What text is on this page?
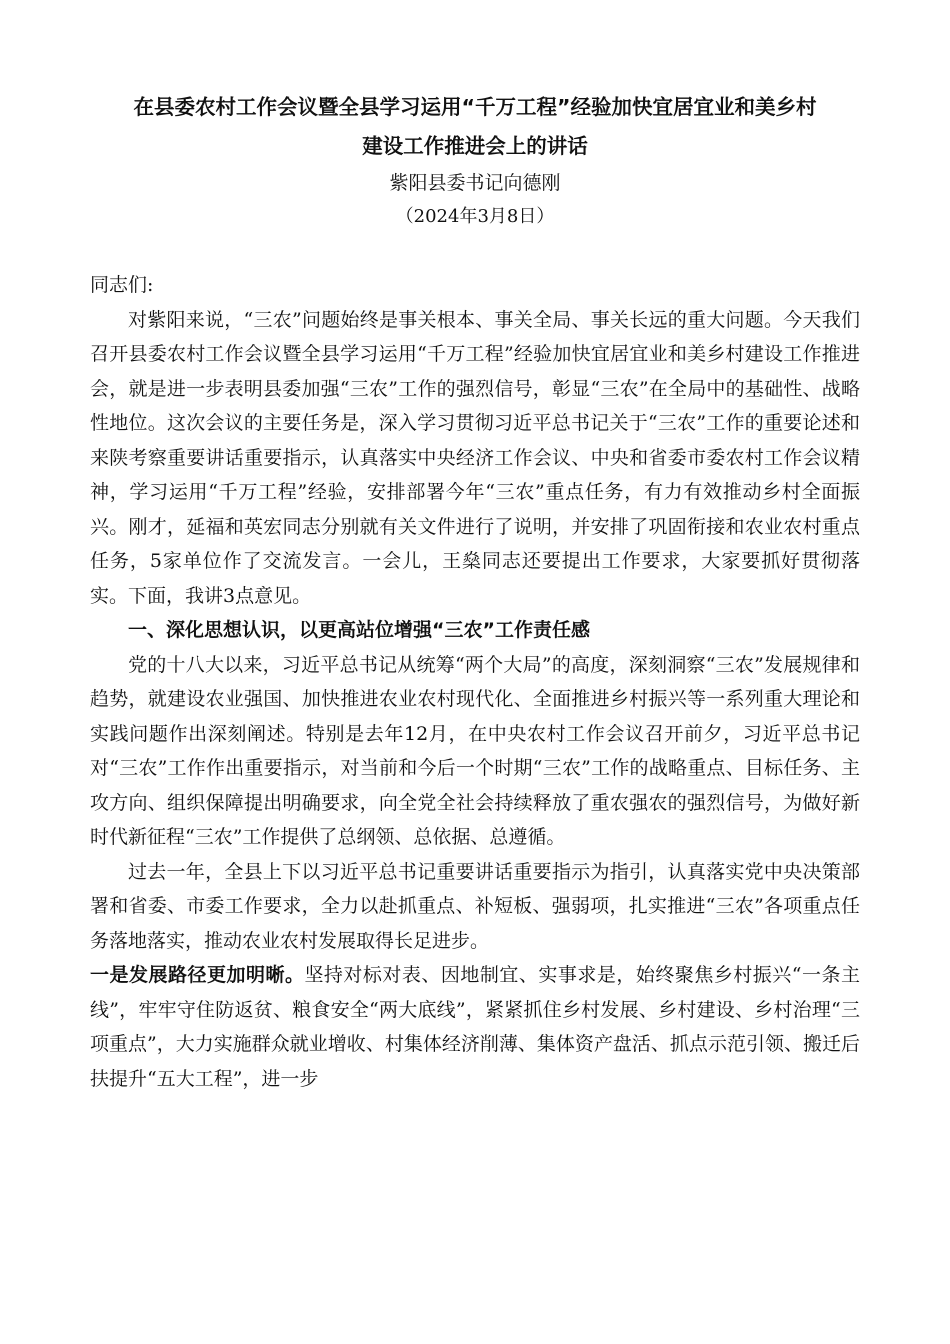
在县委农村工作会议暨全县学习运用“千万工程”经验加快宜居宜业和美乡村

建设工作推进会上的讲话

紫阳县委书记向德刚

（2024年3月8日）

同志们:

对紫阳来说，“三农”问题始终是事关根本、事关全局、事关长远的重大问题。今天我们召开县委农村工作会议暨全县学习运用“千万工程”经验加快宜居宜业和美乡村建设工作推进会，就是进一步表明县委加强“三农”工作的强烈信号，彰显“三农”在全局中的基础性、战略性地位。这次会议的主要任务是，深入学习贯彻习近平总书记关于“三农”工作的重要论述和来陕考察重要讲话重要指示，认真落实中央经济工作会议、中央和省委市委农村工作会议精神，学习运用“千万工程”经验，安排部署今年“三农”重点任务，有力有效推动乡村全面振兴。刚才，延福和英宏同志分别就有关文件进行了说明，并安排了巩固衔接和农业农村重点任务，5家单位作了交流发言。一会儿，王燊同志还要提出工作要求，大家要抓好贯彻落实。下面，我讲3点意见。

一、深化思想认识，以更高站位增强“三农”工作责任感

党的十八大以来，习近平总书记从统筹“两个大局”的高度，深刻洞察“三农”发展规律和趋势，就建设农业强国、加快推进农业农村现代化、全面推进乡村振兴等一系列重大理论和实践问题作出深刻阐述。特别是去年12月，在中央农村工作会议召开前夕，习近平总书记对“三农”工作作出重要指示，对当前和今后一个时期“三农”工作的战略重点、目标任务、主攻方向、组织保障提出明确要求，向全党全社会持续释放了重农强农的强烈信号，为做好新时代新征程“三农”工作提供了总纲领、总依据、总遵循。

过去一年，全县上下以习近平总书记重要讲话重要指示为指引，认真落实党中央决策部署和省委、市委工作要求，全力以赴抓重点、补短板、强弱项，扎实推进“三农”各项重点任务落地落实，推动农业农村发展取得长足进步。

一是发展路径更加明晰。坚持对标对表、因地制宜、实事求是，始终聚焦乡村振兴“一条主线”，牢牢守住防返贫、粮食安全“两大底线”，紧紧抓住乡村发展、乡村建设、乡村治理“三项重点”，大力实施群众就业增收、村集体经济削薄、集体资产盘活、抓点示范引领、搬迁后扶提升“五大工程”，进一步
